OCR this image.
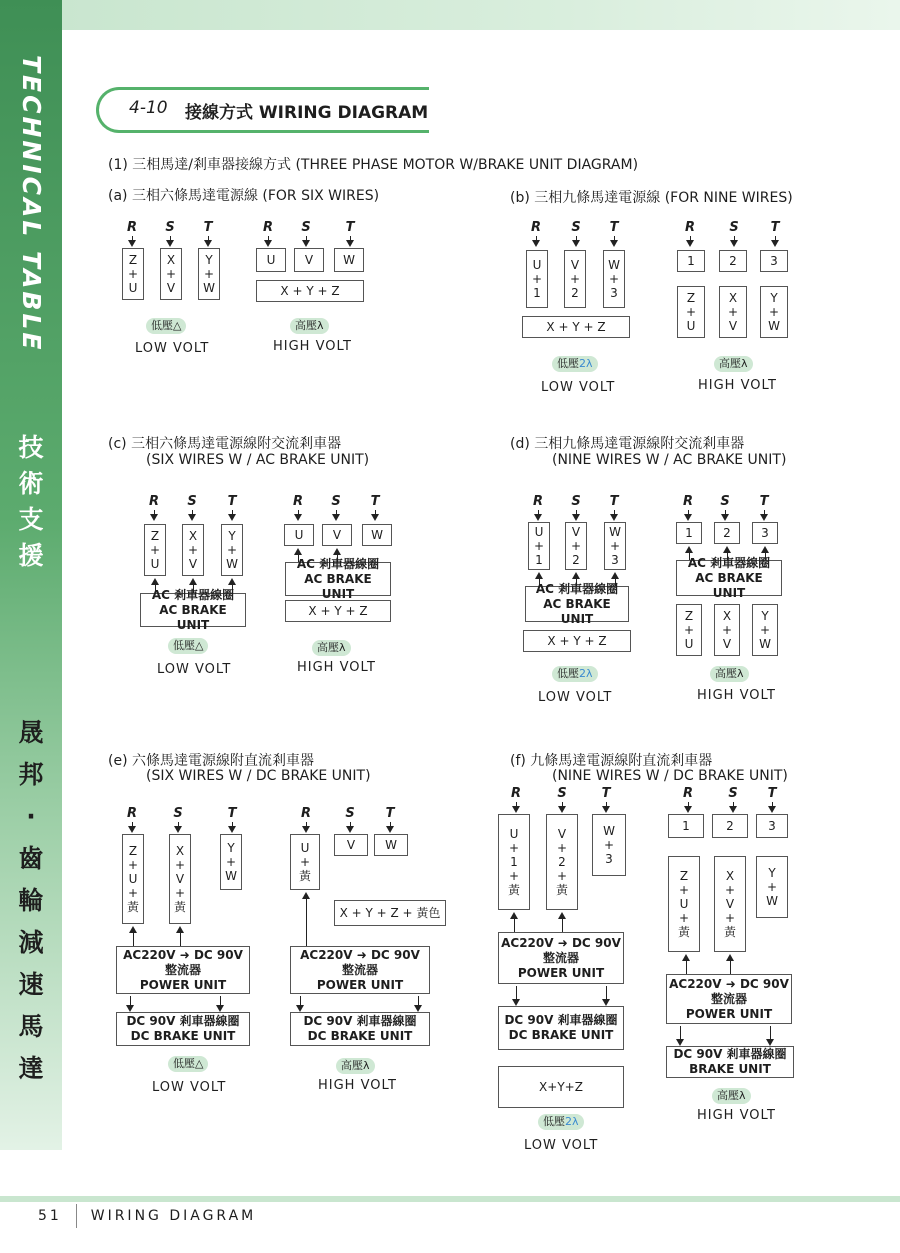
TECHNICAL TABLE
技術支援
晟
邦
·
齒
輪
減
速
馬
達
4-10 接線方式 WIRING DIAGRAM
(1) 三相馬達/剎車器接線方式 (THREE PHASE MOTOR W/BRAKE UNIT DIAGRAM)
(a) 三相六條馬達電源線 (FOR SIX WIRES)	(b) 三相九條馬達電源線 (FOR NINE WIRES)
(c) 三相六條馬達電源線附交流剎車器
(SIX WIRES W / AC BRAKE UNIT)
(d) 三相九條馬達電源線附交流剎車器
(NINE WIRES W / AC BRAKE UNIT)
(e) 六條馬達電源線附直流剎車器
(SIX WIRES W / DC BRAKE UNIT)
(f) 九條馬達電源線附直流剎車器
(NINE WIRES W / DC BRAKE UNIT)
R S T
Z
+
U
X
+
V
Y
+
W
低壓△
LOW VOLT
R S	T
U V W
X + Y + Z
高壓λ
HIGH VOLT
R S T
U
+
1
V
+
2
W
+
3
X + Y + Z
低壓2λ
LOW VOLT
R	S T
1	2	3
Z
+
U
X
+
V
Y
+
W
高壓λ
HIGH VOLT
R S T
Z
+
U
X
+
V
Y
+
W
AC 剎車器線圈
AC BRAKE UNIT
低壓△
LOW VOLT
R S T
U V W
AC 剎車器線圈
AC BRAKE UNIT
X + Y + Z
高壓λ
HIGH VOLT
R S T
U
+
1
V
+
2
W
+
3
AC 剎車器線圈
AC BRAKE UNIT
X + Y + Z
低壓2λ
LOW VOLT
R S T
1	2	3
AC 剎車器線圈
AC BRAKE UNIT
Z
+
U
X
+
V
Y
+
W
高壓λ
HIGH VOLT
R	S	T
Z
+
U
+
黃
X
+
V
+
黃
Y
+
W
AC220V ➜ DC 90V
整流器
POWER UNIT
DC 90V 剎車器線圈
DC BRAKE UNIT
低壓△
LOW VOLT
R	S T
U
+
黃
V W
X + Y + Z + 黃色
AC220V ➜ DC 90V
整流器
POWER UNIT
DC 90V 剎車器線圈
DC BRAKE UNIT
高壓λ
HIGH VOLT
R	S	T
U
+
1
+
黃
V
+
2
+
黃
W
+
3
AC220V ➜ DC 90V
整流器
POWER UNIT
DC 90V 剎車器線圈
DC BRAKE UNIT
X+Y+Z
低壓2λ
LOW VOLT
R	S T
1	2	3
Z
+
U
+
黃
X
+
V
+
黃
Y
+
W
AC220V ➜ DC 90V
整流器
POWER UNIT
DC 90V 剎車器線圈
BRAKE UNIT
高壓λ
HIGH VOLT
51 WIRING DIAGRAM
